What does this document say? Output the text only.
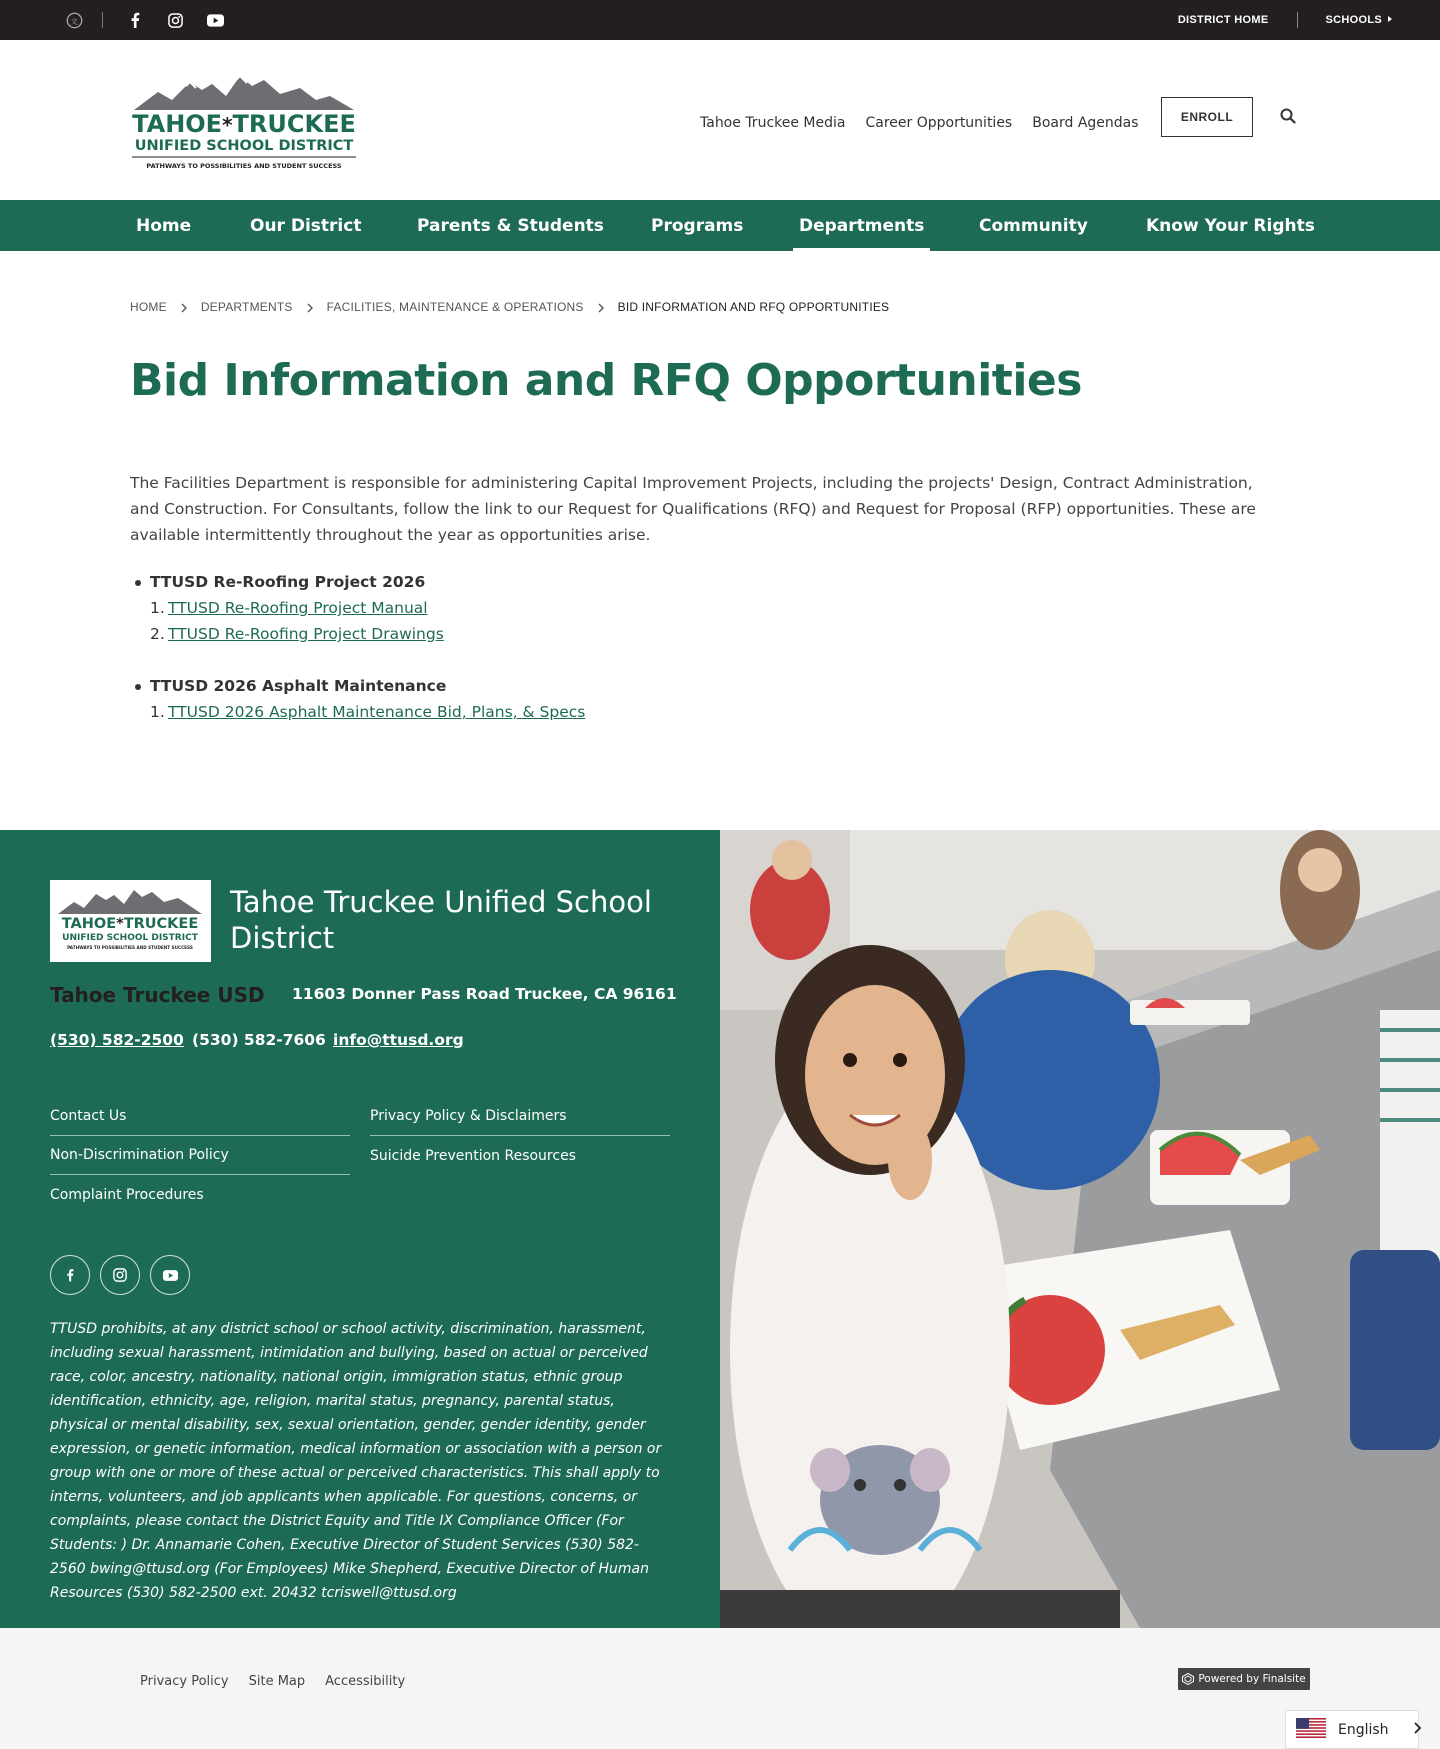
文	DISTRICT HOME	SCHOOLS
TAHOE*TRUCKEE
UNIFIED SCHOOL DISTRICT
PATHWAYS TO POSSIBILITIES AND STUDENT SUCCESS
Tahoe Truckee Media Career Opportunities Board Agendas	ENROLL
Home	Our District	Parents & Students	Programs	Departments	Community	Know Your Rights
HOME	DEPARTMENTS	FACILITIES, MAINTENANCE & OPERATIONS	BID INFORMATION AND RFQ OPPORTUNITIES
Bid Information and RFQ Opportunities

The Facilities Department is responsible for administering Capital Improvement Projects, including the projects' Design, Contract Administration, and Construction. For Consultants, follow the link to our Request for Qualifications (RFQ) and Request for Proposal (RFP) opportunities. These are available intermittently throughout the year as opportunities arise.

TTUSD Re-Roofing Project 2026
1. TTUSD Re-Roofing Project Manual
2. TTUSD Re-Roofing Project Drawings
TTUSD 2026 Asphalt Maintenance
1. TTUSD 2026 Asphalt Maintenance Bid, Plans, & Specs
TAHOE*TRUCKEE
UNIFIED SCHOOL DISTRICT
PATHWAYS TO POSSIBILITIES AND STUDENT SUCCESS
Tahoe Truckee Unified School District
Tahoe Truckee USD 11603 Donner Pass Road Truckee, CA 96161
(530) 582-2500 (530) 582-7606 info@ttusd.org
Contact Us
Non-Discrimination Policy
Complaint Procedures
Privacy Policy & Disclaimers
Suicide Prevention Resources

TTUSD prohibits, at any district school or school activity, discrimination, harassment, including sexual harassment, intimidation and bullying, based on actual or perceived race, color, ancestry, nationality, national origin, immigration status, ethnic group identification, ethnicity, age, religion, marital status, pregnancy, parental status, physical or mental disability, sex, sexual orientation, gender, gender identity, gender expression, or genetic information, medical information or association with a person or group with one or more of these actual or perceived characteristics. This shall apply to interns, volunteers, and job applicants when applicable. For questions, concerns, or complaints, please contact the District Equity and Title IX Compliance Officer (For Students: ) Dr. Annamarie Cohen, Executive Director of Student Services (530) 582-2560 bwing@ttusd.org (For Employees) Mike Shepherd, Executive Director of Human Resources (530) 582-2500 ext. 20432 tcriswell@ttusd.org

Privacy Policy Site Map Accessibility	Powered by Finalsite
English
